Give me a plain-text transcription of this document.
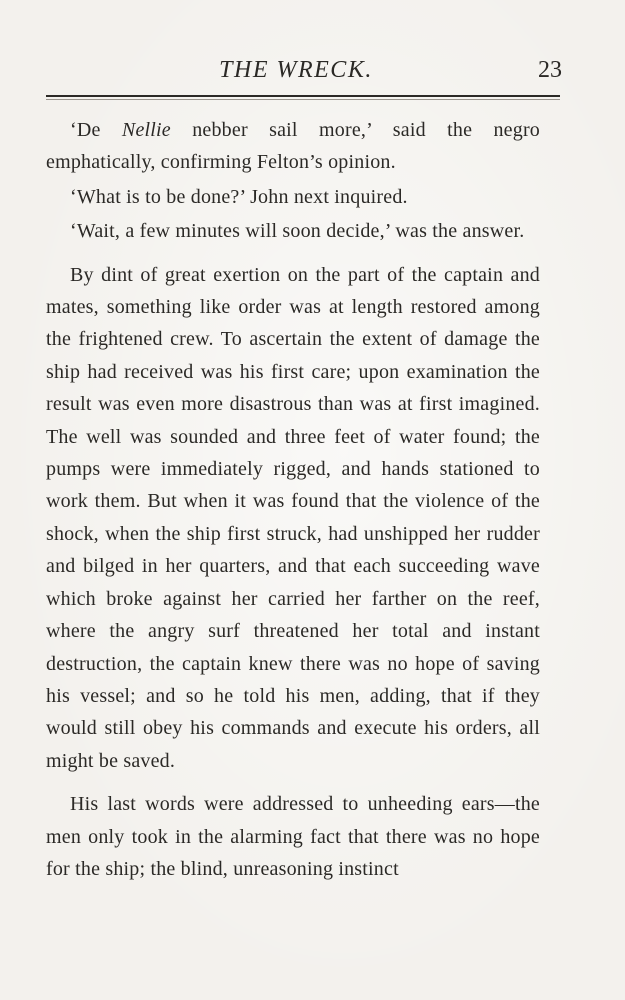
THE WRECK.	23

‘De Nellie nebber sail more,’ said the negro emphatically, confirming Felton’s opinion.

‘What is to be done?’ John next inquired.

‘Wait, a few minutes will soon decide,’ was the answer.

By dint of great exertion on the part of the captain and mates, something like order was at length restored among the frightened crew. To ascertain the extent of damage the ship had received was his first care; upon examination the result was even more disastrous than was at first imagined. The well was sounded and three feet of water found; the pumps were immediately rigged, and hands stationed to work them. But when it was found that the violence of the shock, when the ship first struck, had unshipped her rudder and bilged in her quarters, and that each succeeding wave which broke against her carried her farther on the reef, where the angry surf threatened her total and instant destruction, the captain knew there was no hope of saving his vessel; and so he told his men, adding, that if they would still obey his commands and execute his orders, all might be saved.

His last words were addressed to unheeding ears—the men only took in the alarming fact that there was no hope for the ship; the blind, unreasoning instinct
